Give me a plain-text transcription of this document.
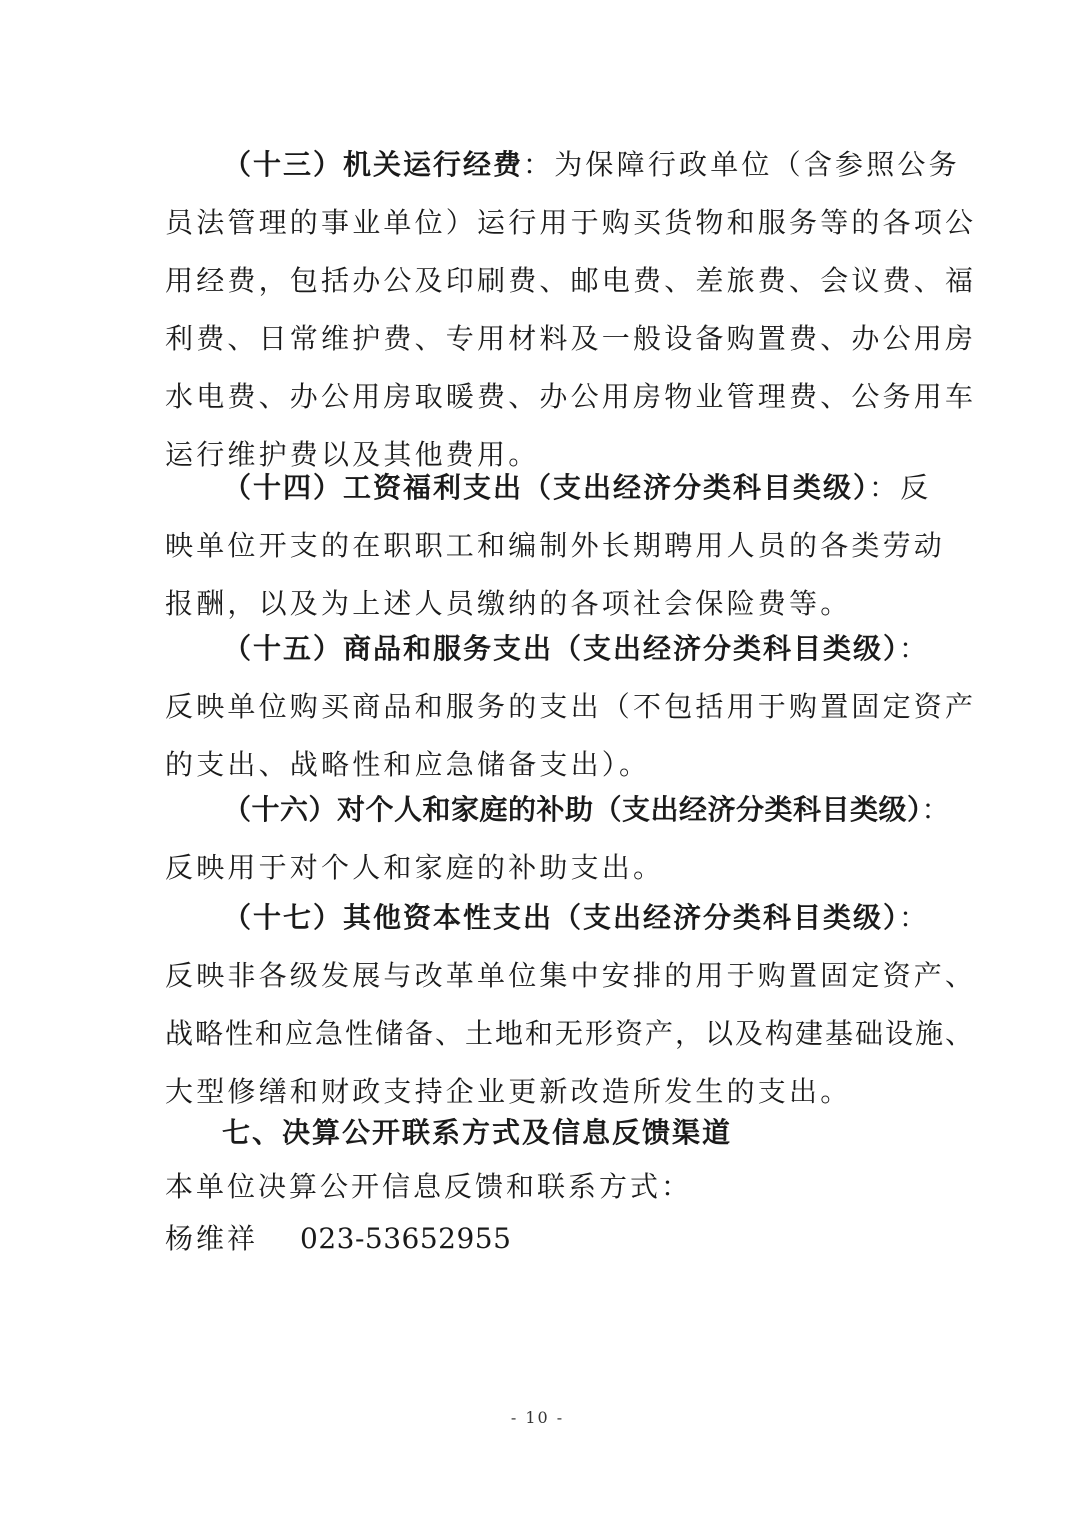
（十三）机关运行经费：为保障行政单位（含参照公务
员法管理的事业单位）运行用于购买货物和服务等的各项公
用经费，包括办公及印刷费、邮电费、差旅费、会议费、福
利费、日常维护费、专用材料及一般设备购置费、办公用房
水电费、办公用房取暖费、办公用房物业管理费、公务用车
运行维护费以及其他费用。
（十四）工资福利支出（支出经济分类科目类级）：反
映单位开支的在职职工和编制外长期聘用人员的各类劳动
报酬，以及为上述人员缴纳的各项社会保险费等。
（十五）商品和服务支出（支出经济分类科目类级）：
反映单位购买商品和服务的支出（不包括用于购置固定资产
的支出、战略性和应急储备支出）。
（十六）对个人和家庭的补助（支出经济分类科目类级）：
反映用于对个人和家庭的补助支出。
（十七）其他资本性支出（支出经济分类科目类级）：
反映非各级发展与改革单位集中安排的用于购置固定资产、
战略性和应急性储备、土地和无形资产，以及构建基础设施、
大型修缮和财政支持企业更新改造所发生的支出。
七、决算公开联系方式及信息反馈渠道
本单位决算公开信息反馈和联系方式：
杨维祥 023-53652955
- 10 -
